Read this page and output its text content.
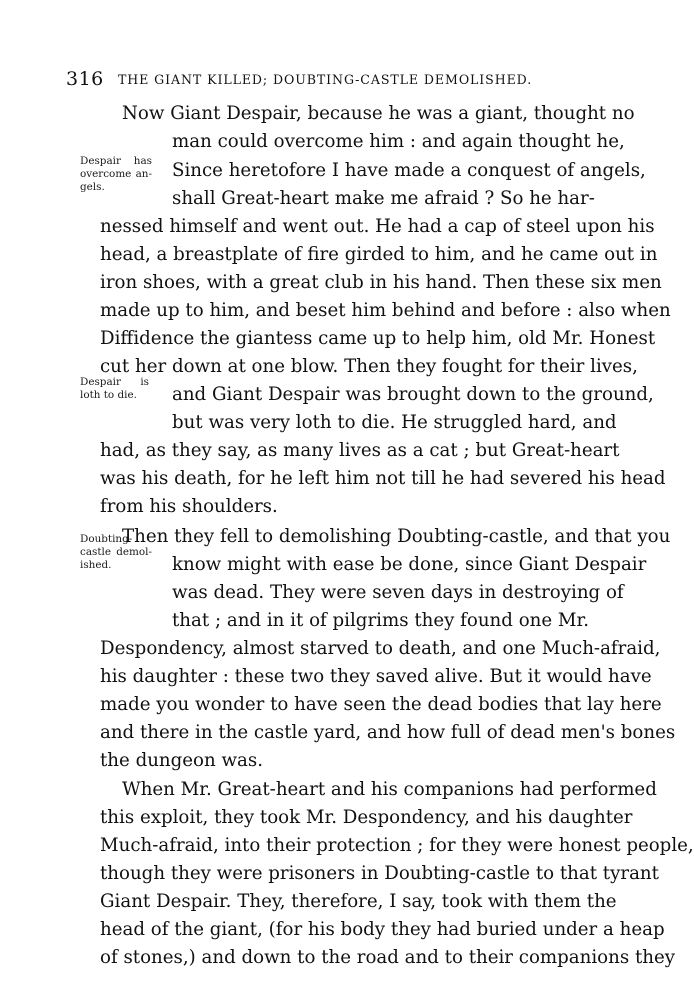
316 THE GIANT KILLED; DOUBTING-CASTLE DEMOLISHED.
Now Giant Despair, because he was a giant, thought no
man could overcome him : and again thought he,
Since heretofore I have made a conquest of angels,
shall Great-heart make me afraid ? So he har-
nessed himself and went out. He had a cap of steel upon his
head, a breastplate of fire girded to him, and he came out in
iron shoes, with a great club in his hand. Then these six men
made up to him, and beset him behind and before : also when
Diffidence the giantess came up to help him, old Mr. Honest
cut her down at one blow. Then they fought for their lives,
and Giant Despair was brought down to the ground,
but was very loth to die. He struggled hard, and
had, as they say, as many lives as a cat ; but Great-heart
was his death, for he left him not till he had severed his head
from his shoulders.
Then they fell to demolishing Doubting-castle, and that you
know might with ease be done, since Giant Despair
was dead. They were seven days in destroying of
that ; and in it of pilgrims they found one Mr.
Despondency, almost starved to death, and one Much-afraid,
his daughter : these two they saved alive. But it would have
made you wonder to have seen the dead bodies that lay here
and there in the castle yard, and how full of dead men's bones
the dungeon was.
When Mr. Great-heart and his companions had performed
this exploit, they took Mr. Despondency, and his daughter
Much-afraid, into their protection ; for they were honest people,
though they were prisoners in Doubting-castle to that tyrant
Giant Despair. They, therefore, I say, took with them the
head of the giant, (for his body they had buried under a heap
of stones,) and down to the road and to their companions they
Despair has
overcome an-
gels.
Despair is
loth to die.
Doubting-
castle demol-
ished.
